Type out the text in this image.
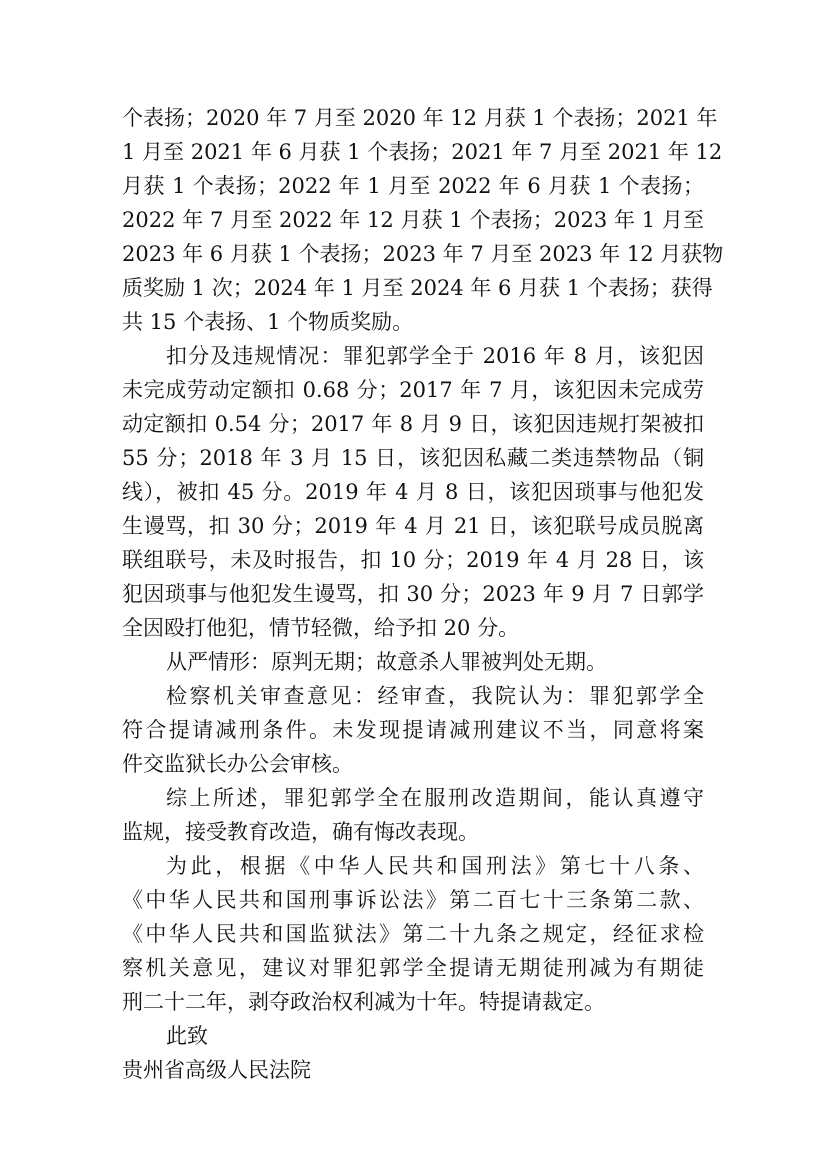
个表扬；2020 年 7 月至 2020 年 12 月获 1 个表扬；2021 年
1 月至 2021 年 6 月获 1 个表扬；2021 年 7 月至 2021 年 12
月获 1 个表扬；2022 年 1 月至 2022 年 6 月获 1 个表扬；
2022 年 7 月至 2022 年 12 月获 1 个表扬；2023 年 1 月至
2023 年 6 月获 1 个表扬；2023 年 7 月至 2023 年 12 月获物
质奖励 1 次；2024 年 1 月至 2024 年 6 月获 1 个表扬；获得
共 15 个表扬、1 个物质奖励。
扣分及违规情况：罪犯郭学全于 2016 年 8 月，该犯因
未完成劳动定额扣 0.68 分；2017 年 7 月，该犯因未完成劳
动定额扣 0.54 分；2017 年 8 月 9 日，该犯因违规打架被扣
55 分；2018 年 3 月 15 日，该犯因私藏二类违禁物品（铜
线），被扣 45 分。2019 年 4 月 8 日，该犯因琐事与他犯发
生谩骂，扣 30 分；2019 年 4 月 21 日，该犯联号成员脱离
联组联号，未及时报告，扣 10 分；2019 年 4 月 28 日，该
犯因琐事与他犯发生谩骂，扣 30 分；2023 年 9 月 7 日郭学
全因殴打他犯，情节轻微，给予扣 20 分。
从严情形：原判无期；故意杀人罪被判处无期。
检察机关审查意见：经审查，我院认为：罪犯郭学全
符合提请减刑条件。未发现提请减刑建议不当，同意将案
件交监狱长办公会审核。
综上所述，罪犯郭学全在服刑改造期间，能认真遵守
监规，接受教育改造，确有悔改表现。
为此，根据《中华人民共和国刑法》第七十八条、
《中华人民共和国刑事诉讼法》第二百七十三条第二款、
《中华人民共和国监狱法》第二十九条之规定，经征求检
察机关意见，建议对罪犯郭学全提请无期徒刑减为有期徒
刑二十二年，剥夺政治权利减为十年。特提请裁定。
此致
贵州省高级人民法院
